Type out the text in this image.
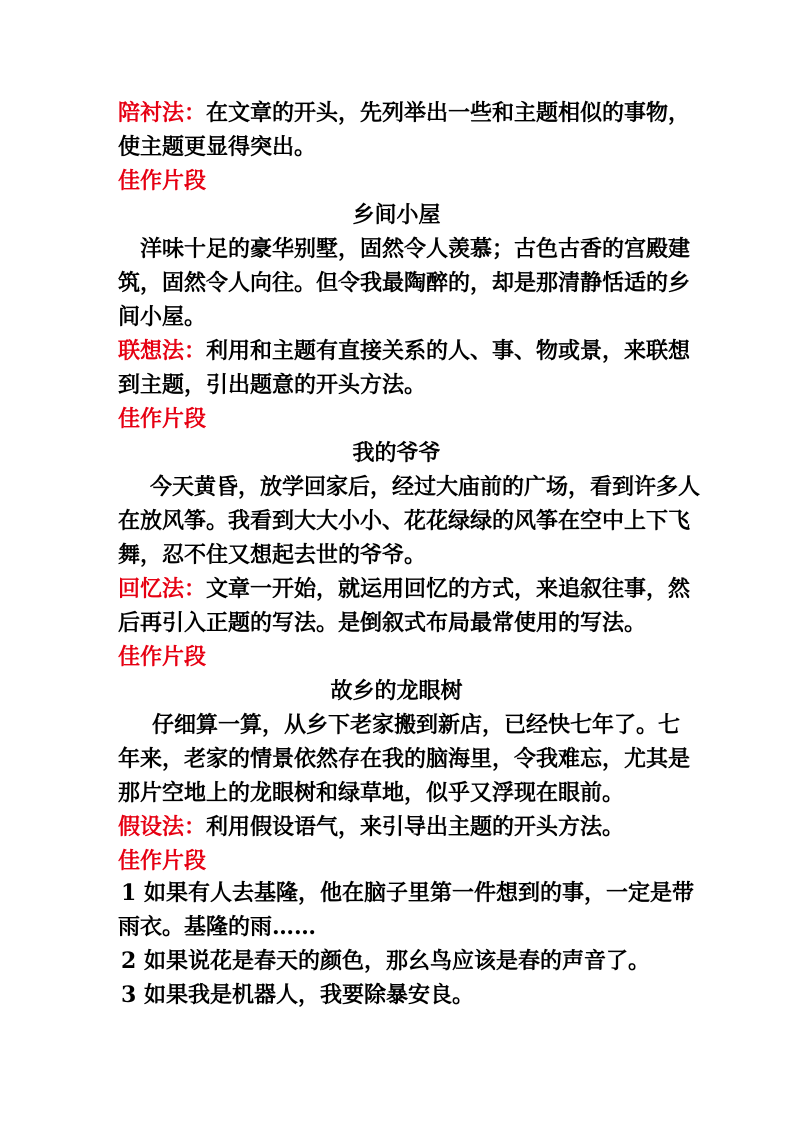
陪衬法：在文章的开头，先列举出一些和主题相似的事物，
使主题更显得突出。
佳作片段
乡间小屋
洋味十足的豪华别墅，固然令人羡慕；古色古香的宫殿建
筑，固然令人向往。但令我最陶醉的，却是那清静恬适的乡
间小屋。
联想法：利用和主题有直接关系的人、事、物或景，来联想
到主题，引出题意的开头方法。
佳作片段
我的爷爷
今天黄昏，放学回家后，经过大庙前的广场，看到许多人
在放风筝。我看到大大小小、花花绿绿的风筝在空中上下飞
舞，忍不住又想起去世的爷爷。
回忆法：文章一开始，就运用回忆的方式，来追叙往事，然
后再引入正题的写法。是倒叙式布局最常使用的写法。
佳作片段
故乡的龙眼树
仔细算一算，从乡下老家搬到新店，已经快七年了。七
年来，老家的情景依然存在我的脑海里，令我难忘，尤其是
那片空地上的龙眼树和绿草地，似乎又浮现在眼前。
假设法：利用假设语气，来引导出主题的开头方法。
佳作片段
1 如果有人去基隆，他在脑子里第一件想到的事，一定是带
雨衣。基隆的雨……
2 如果说花是春天的颜色，那幺鸟应该是春的声音了。
3 如果我是机器人，我要除暴安良。
